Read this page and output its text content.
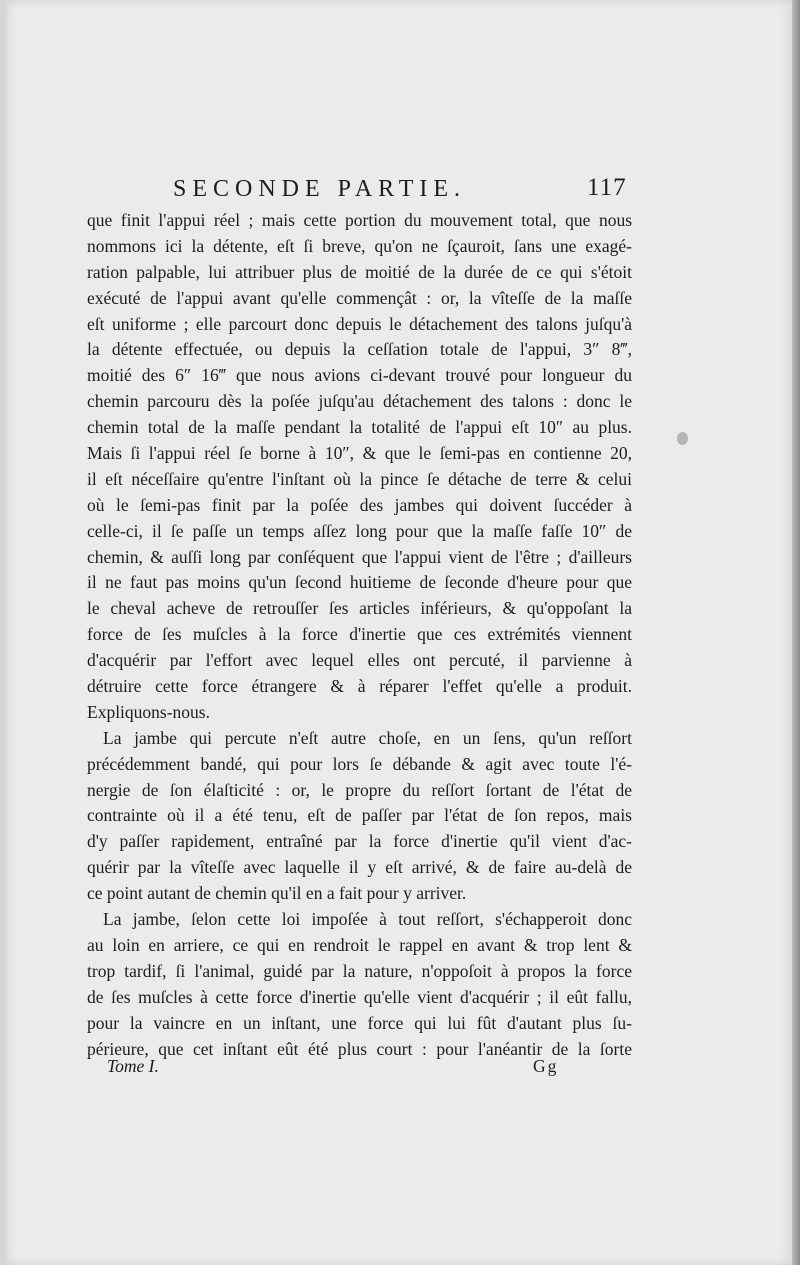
SECONDE PARTIE.	117
que finit l'appui réel ; mais cette portion du mouvement total, que nous
nommons ici la détente, eſt ſi breve, qu'on ne ſçauroit, ſans une exagé-
ration palpable, lui attribuer plus de moitié de la durée de ce qui s'étoit
exécuté de l'appui avant qu'elle commençât : or, la vîteſſe de la maſſe
eſt uniforme ; elle parcourt donc depuis le détachement des talons juſqu'à
la détente effectuée, ou depuis la ceſſation totale de l'appui, 3″ 8‴,
moitié des 6″ 16‴ que nous avions ci-devant trouvé pour longueur du
chemin parcouru dès la poſée juſqu'au détachement des talons : donc le
chemin total de la maſſe pendant la totalité de l'appui eſt 10″ au plus.
Mais ſi l'appui réel ſe borne à 10″, & que le ſemi-pas en contienne 20,
il eſt néceſſaire qu'entre l'inſtant où la pince ſe détache de terre & celui
où le ſemi-pas finit par la poſée des jambes qui doivent ſuccéder à
celle-ci, il ſe paſſe un temps aſſez long pour que la maſſe faſſe 10″ de
chemin, & auſſi long par conſéquent que l'appui vient de l'être ; d'ailleurs
il ne faut pas moins qu'un ſecond huitieme de ſeconde d'heure pour que
le cheval acheve de retrouſſer ſes articles inférieurs, & qu'oppoſant la
force de ſes muſcles à la force d'inertie que ces extrémités viennent
d'acquérir par l'effort avec lequel elles ont percuté, il parvienne à
détruire cette force étrangere & à réparer l'effet qu'elle a produit.
Expliquons-nous.
La jambe qui percute n'eſt autre choſe, en un ſens, qu'un reſſort
précédemment bandé, qui pour lors ſe débande & agit avec toute l'é-
nergie de ſon élaſticité : or, le propre du reſſort ſortant de l'état de
contrainte où il a été tenu, eſt de paſſer par l'état de ſon repos, mais
d'y paſſer rapidement, entraîné par la force d'inertie qu'il vient d'ac-
quérir par la vîteſſe avec laquelle il y eſt arrivé, & de faire au-delà de
ce point autant de chemin qu'il en a fait pour y arriver.
La jambe, ſelon cette loi impoſée à tout reſſort, s'échapperoit donc
au loin en arriere, ce qui en rendroit le rappel en avant & trop lent &
trop tardif, ſi l'animal, guidé par la nature, n'oppoſoit à propos la force
de ſes muſcles à cette force d'inertie qu'elle vient d'acquérir ; il eût fallu,
pour la vaincre en un inſtant, une force qui lui fût d'autant plus ſu-
périeure, que cet inſtant eût été plus court : pour l'anéantir de la ſorte
Tome I.	Gg
